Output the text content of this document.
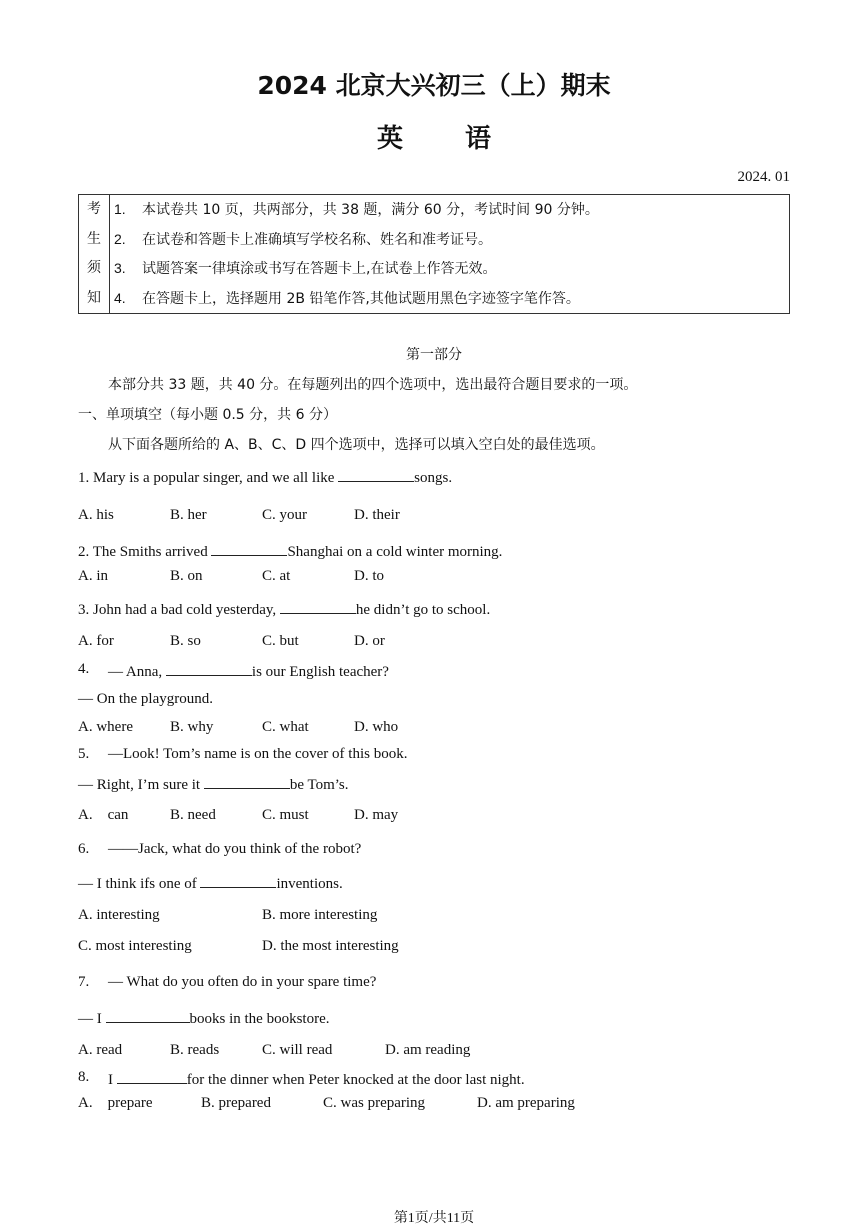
2024 北京大兴初三（上）期末
英语
2024. 01
考
生
须
知

1. 本试卷共 10 页，共两部分，共 38 题，满分 60 分，考试时间 90 分钟。
2. 在试卷和答题卡上准确填写学校名称、姓名和准考证号。
3. 试题答案一律填涂或书写在答题卡上,在试卷上作答无效。
4. 在答题卡上，选择题用 2B 铅笔作答,其他试题用黑色字迹签字笔作答。
第一部分
本部分共 33 题，共 40 分。在每题列出的四个选项中，选出最符合题目要求的一项。
一、单项填空（每小题 0.5 分，共 6 分）
从下面各题所给的 A、B、C、D 四个选项中，选择可以填入空白处的最佳选项。
1. Mary is a popular singer, and we all like	songs.
A. his	B. her	C. your	D. their
2. The Smiths arrived	Shanghai on a cold winter morning.
A. in	B. on	C. at	D. to
3. John had a bad cold yesterday,	he didn’t go to school.
A. for	B. so	C. but	D. or
4. — Anna,	is our English teacher?
— On the playground.
A. where B. why	C. what	D. who
5. —Look! Tom’s name is on the cover of this book.
— Right, I’m sure it	be Tom’s.
A.    can	B. need	C. must	D. may
6. ——Jack, what do you think of the robot?
— I think ifs one of	inventions.
A. interesting	B. more interesting
C. most interesting	D. the most interesting
7. — What do you often do in your spare time?
— I	books in the bookstore.
A. read	B. reads	C. will read	D. am reading
8. I	for the dinner when Peter knocked at the door last night.
A.    prepare	B. prepared	C. was preparing	D. am preparing
第1页/共11页
